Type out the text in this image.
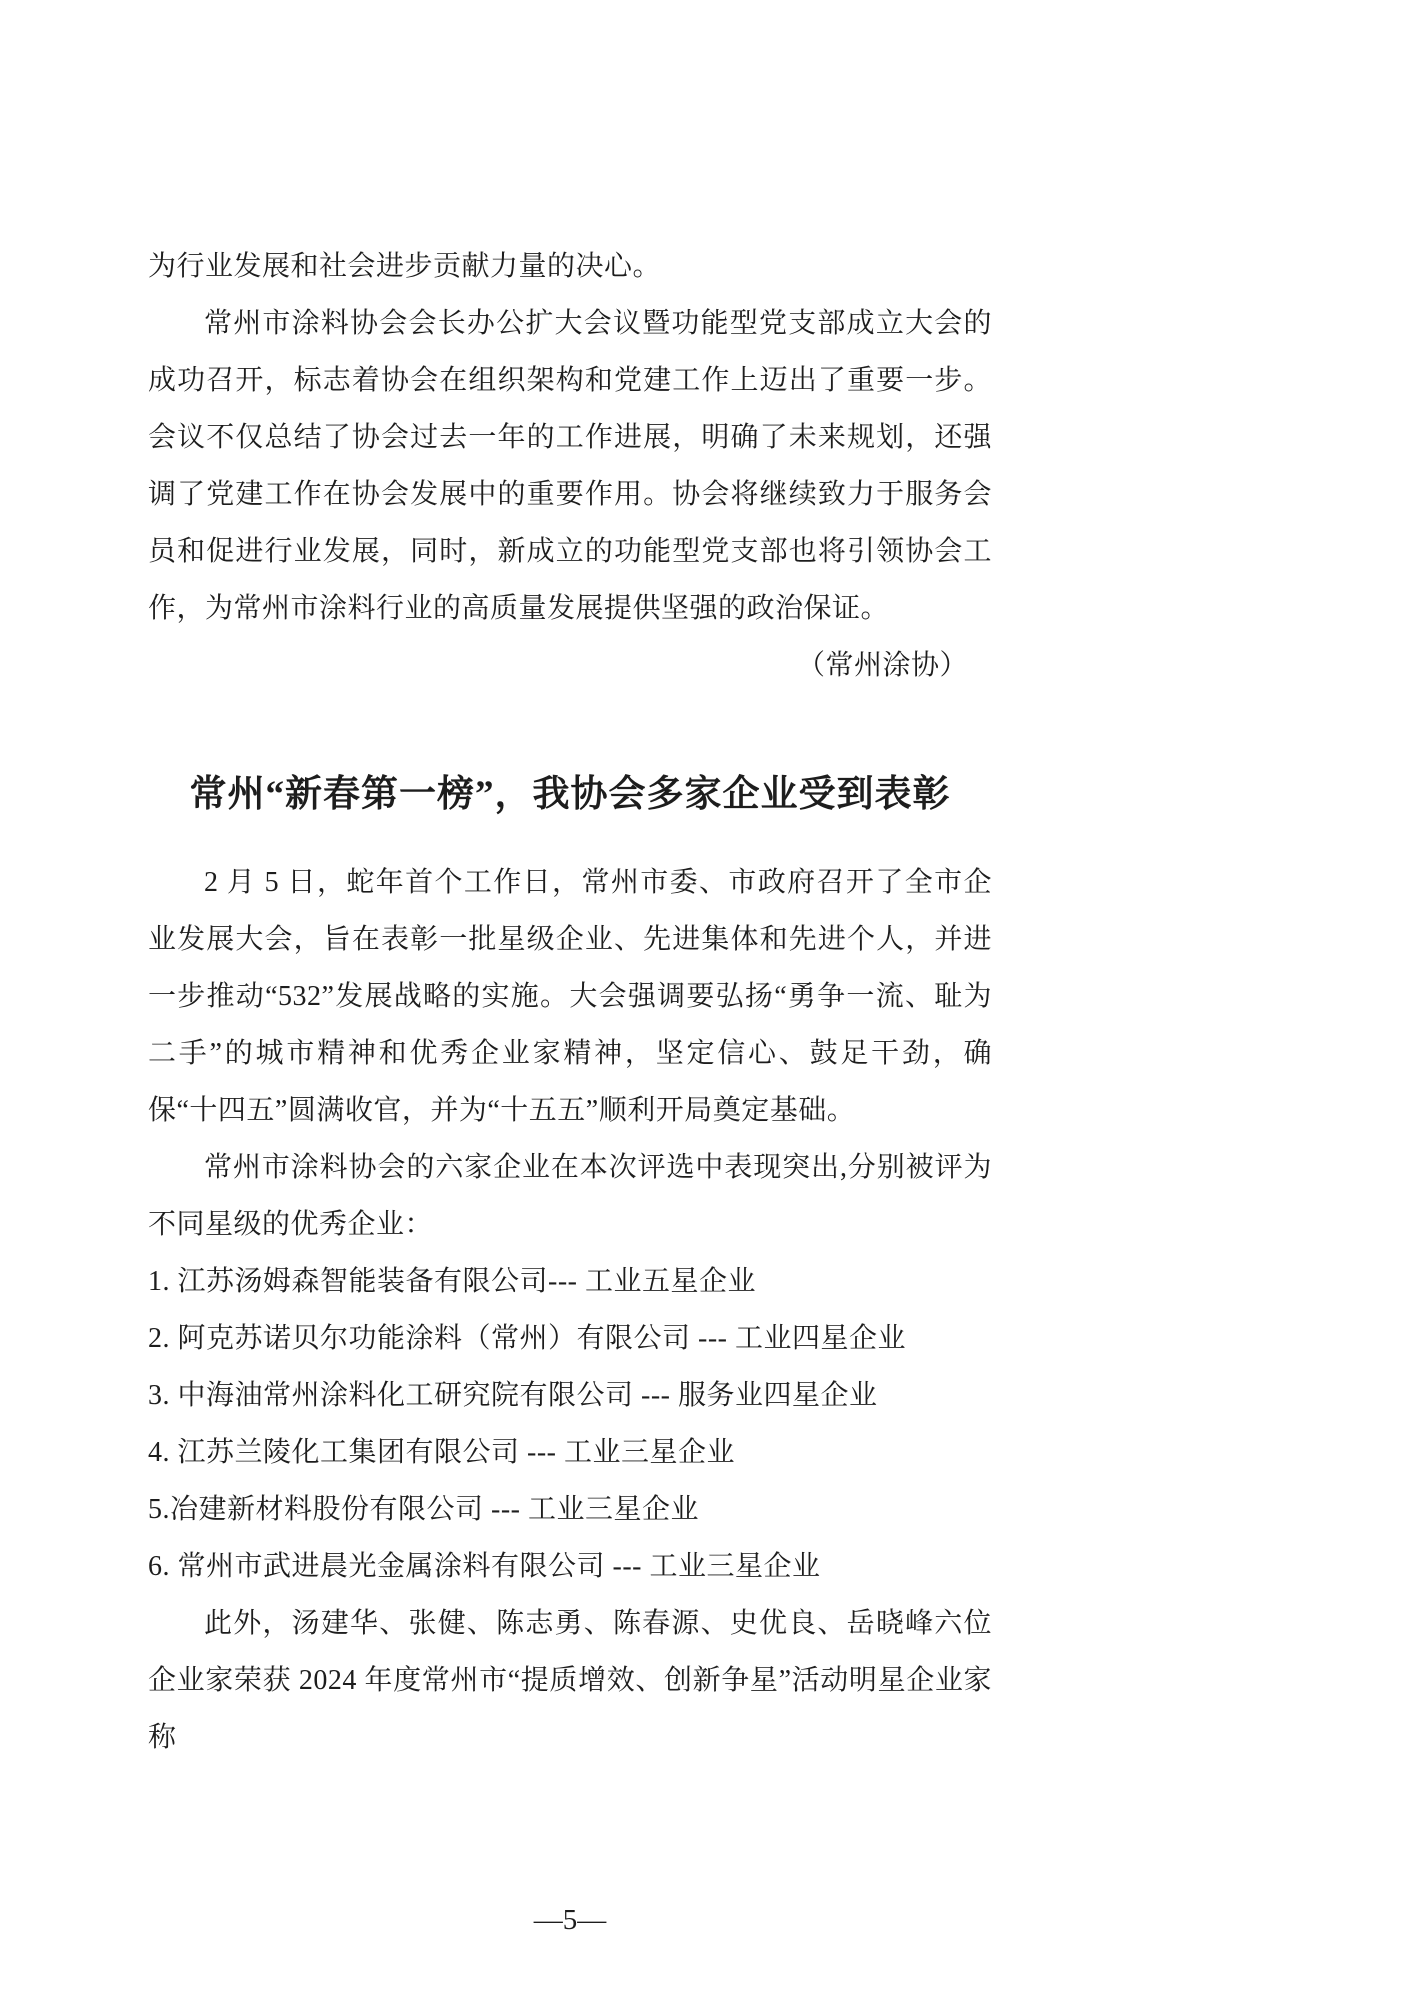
为行业发展和社会进步贡献力量的决心。

常州市涂料协会会长办公扩大会议暨功能型党支部成立大会的成功召开，标志着协会在组织架构和党建工作上迈出了重要一步。会议不仅总结了协会过去一年的工作进展，明确了未来规划，还强调了党建工作在协会发展中的重要作用。协会将继续致力于服务会员和促进行业发展，同时，新成立的功能型党支部也将引领协会工作，为常州市涂料行业的高质量发展提供坚强的政治保证。

（常州涂协）

常州“新春第一榜”，我协会多家企业受到表彰

2 月 5 日，蛇年首个工作日，常州市委、市政府召开了全市企业发展大会，旨在表彰一批星级企业、先进集体和先进个人，并进一步推动“532”发展战略的实施。大会强调要弘扬“勇争一流、耻为二手”的城市精神和优秀企业家精神，坚定信心、鼓足干劲，确保“十四五”圆满收官，并为“十五五”顺利开局奠定基础。

常州市涂料协会的六家企业在本次评选中表现突出,分别被评为不同星级的优秀企业：

1. 江苏汤姆森智能装备有限公司--- 工业五星企业

2. 阿克苏诺贝尔功能涂料（常州）有限公司 --- 工业四星企业

3. 中海油常州涂料化工研究院有限公司 --- 服务业四星企业

4. 江苏兰陵化工集团有限公司 --- 工业三星企业

5.冶建新材料股份有限公司 --- 工业三星企业

6. 常州市武进晨光金属涂料有限公司 --- 工业三星企业

此外，汤建华、张健、陈志勇、陈春源、史优良、岳晓峰六位企业家荣获 2024 年度常州市“提质增效、创新争星”活动明星企业家称

—5—
